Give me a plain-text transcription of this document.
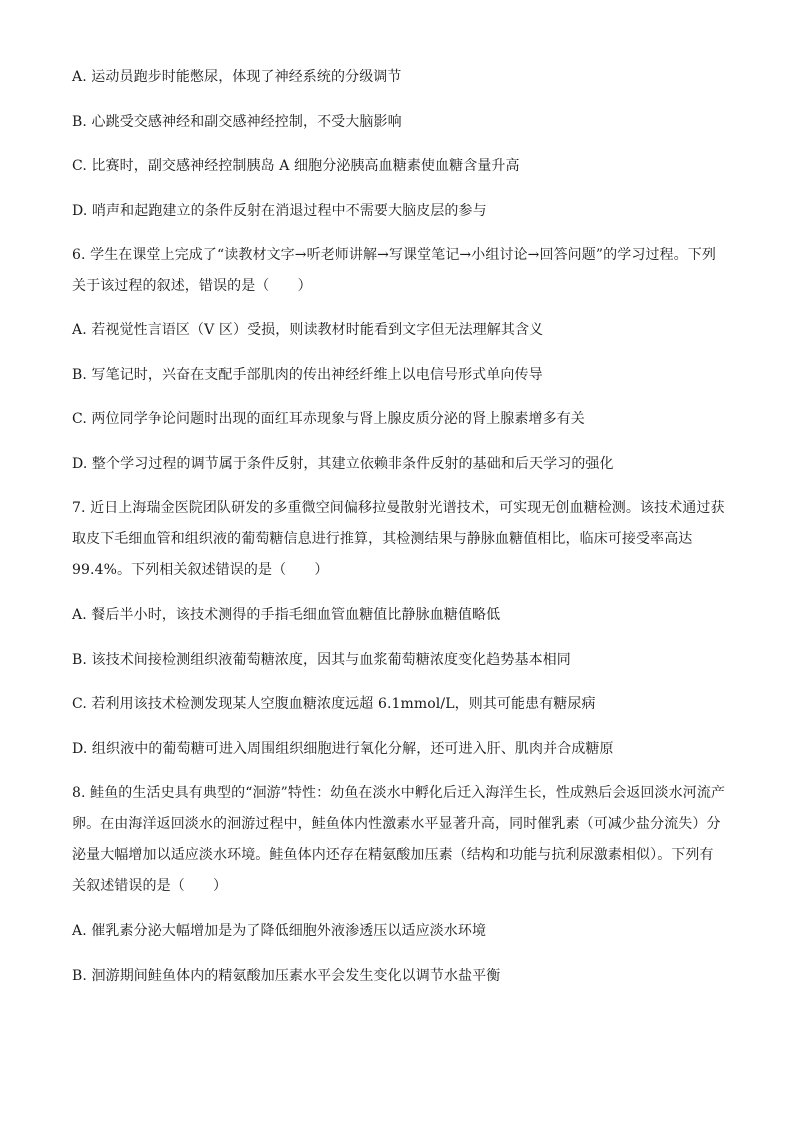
A. 运动员跑步时能憋尿，体现了神经系统的分级调节
B. 心跳受交感神经和副交感神经控制，不受大脑影响
C. 比赛时，副交感神经控制胰岛 A 细胞分泌胰高血糖素使血糖含量升高
D. 哨声和起跑建立的条件反射在消退过程中不需要大脑皮层的参与
6. 学生在课堂上完成了“读教材文字→听老师讲解→写课堂笔记→小组讨论→回答问题”的学习过程。下列
关于该过程的叙述，错误的是（　　）
A. 若视觉性言语区（V 区）受损，则读教材时能看到文字但无法理解其含义
B. 写笔记时，兴奋在支配手部肌肉的传出神经纤维上以电信号形式单向传导
C. 两位同学争论问题时出现的面红耳赤现象与肾上腺皮质分泌的肾上腺素增多有关
D. 整个学习过程的调节属于条件反射，其建立依赖非条件反射的基础和后天学习的强化
7. 近日上海瑞金医院团队研发的多重微空间偏移拉曼散射光谱技术，可实现无创血糖检测。该技术通过获
取皮下毛细血管和组织液的葡萄糖信息进行推算，其检测结果与静脉血糖值相比，临床可接受率高达
99.4%。下列相关叙述错误的是（　　）
A. 餐后半小时，该技术测得的手指毛细血管血糖值比静脉血糖值略低
B. 该技术间接检测组织液葡萄糖浓度，因其与血浆葡萄糖浓度变化趋势基本相同
C. 若利用该技术检测发现某人空腹血糖浓度远超 6.1mmol/L，则其可能患有糖尿病
D. 组织液中的葡萄糖可进入周围组织细胞进行氧化分解，还可进入肝、肌肉并合成糖原
8. 鲑鱼的生活史具有典型的“洄游”特性：幼鱼在淡水中孵化后迁入海洋生长，性成熟后会返回淡水河流产
卵。在由海洋返回淡水的洄游过程中，鲑鱼体内性激素水平显著升高，同时催乳素（可减少盐分流失）分
泌量大幅增加以适应淡水环境。鲑鱼体内还存在精氨酸加压素（结构和功能与抗利尿激素相似）。下列有
关叙述错误的是（　　）
A. 催乳素分泌大幅增加是为了降低细胞外液渗透压以适应淡水环境
B. 洄游期间鲑鱼体内的精氨酸加压素水平会发生变化以调节水盐平衡
